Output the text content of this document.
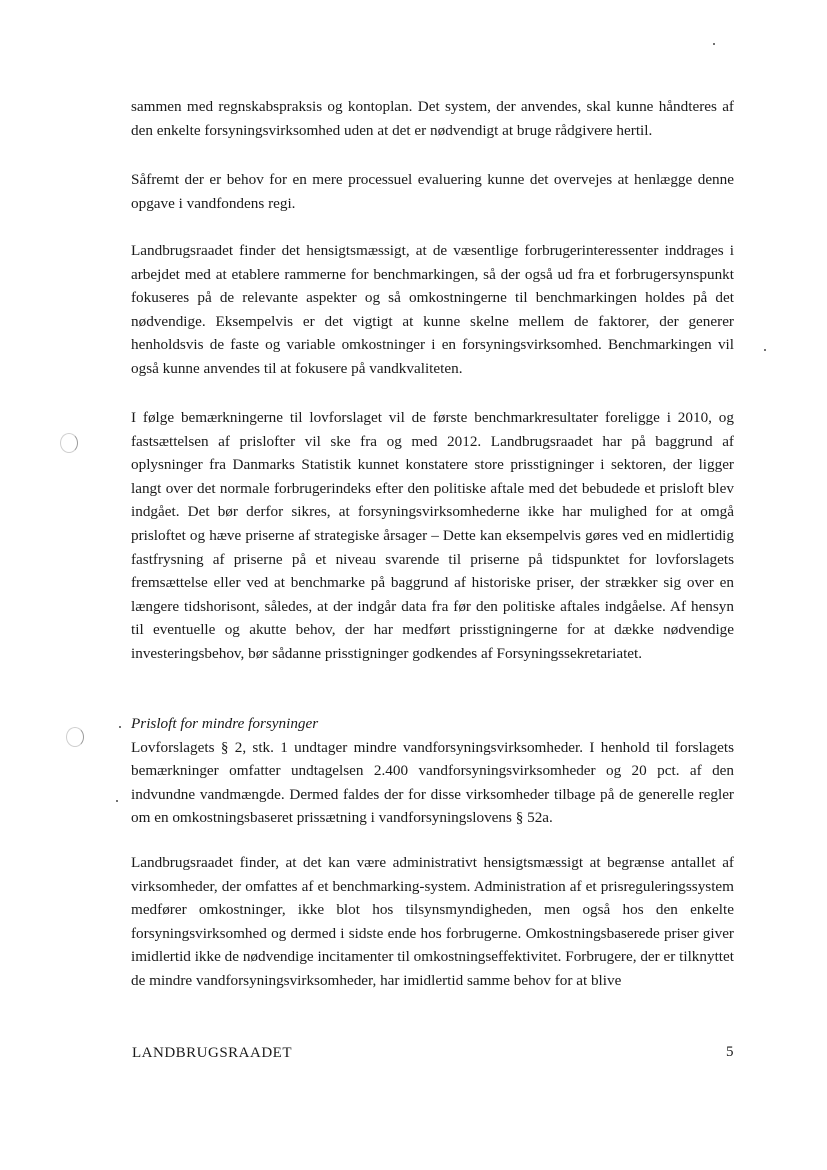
sammen med regnskabspraksis og kontoplan. Det system, der anvendes, skal kunne håndteres af den enkelte forsyningsvirksomhed uden at det er nødvendigt at bruge rådgivere hertil.

Såfremt der er behov for en mere processuel evaluering kunne det overvejes at henlægge denne opgave i vandfondens regi.

Landbrugsraadet finder det hensigtsmæssigt, at de væsentlige forbrugerinteressenter inddrages i arbejdet med at etablere rammerne for benchmarkingen, så der også ud fra et forbrugersynspunkt fokuseres på de relevante aspekter og så omkostningerne til benchmarkingen holdes på det nødvendige. Eksempelvis er det vigtigt at kunne skelne mellem de faktorer, der generer henholdsvis de faste og variable omkostninger i en forsyningsvirksomhed. Benchmarkingen vil også kunne anvendes til at fokusere på vandkvaliteten.

I følge bemærkningerne til lovforslaget vil de første benchmarkresultater foreligge i 2010, og fastsættelsen af prislofter vil ske fra og med 2012. Landbrugsraadet har på baggrund af oplysninger fra Danmarks Statistik kunnet konstatere store prisstigninger i sektoren, der ligger langt over det normale forbrugerindeks efter den politiske aftale med det bebudede et prisloft blev indgået. Det bør derfor sikres, at forsyningsvirksomhederne ikke har mulighed for at omgå prisloftet og hæve priserne af strategiske årsager – Dette kan eksempelvis gøres ved en midlertidig fastfrysning af priserne på et niveau svarende til priserne på tidspunktet for lovforslagets fremsættelse eller ved at benchmarke på baggrund af historiske priser, der strækker sig over en længere tidshorisont, således, at der indgår data fra før den politiske aftales indgåelse. Af hensyn til eventuelle og akutte behov, der har medført prisstigningerne for at dække nødvendige investeringsbehov, bør sådanne prisstigninger godkendes af Forsyningssekretariatet.

Prisloft for mindre forsyninger

Lovforslagets § 2, stk. 1 undtager mindre vandforsyningsvirksomheder. I henhold til forslagets bemærkninger omfatter undtagelsen 2.400 vandforsyningsvirksomheder og 20 pct. af den indvundne vandmængde. Dermed faldes der for disse virksomheder tilbage på de generelle regler om en omkostningsbaseret prissætning i vandforsyningslovens § 52a.

Landbrugsraadet finder, at det kan være administrativt hensigtsmæssigt at begrænse antallet af virksomheder, der omfattes af et benchmarking-system. Administration af et prisreguleringssystem medfører omkostninger, ikke blot hos tilsynsmyndigheden, men også hos den enkelte forsyningsvirksomhed og dermed i sidste ende hos forbrugerne. Omkostningsbaserede priser giver imidlertid ikke de nødvendige incitamenter til omkostningseffektivitet. Forbrugere, der er tilknyttet de mindre vandforsyningsvirksomheder, har imidlertid samme behov for at blive

LANDBRUGSRAADET	5
